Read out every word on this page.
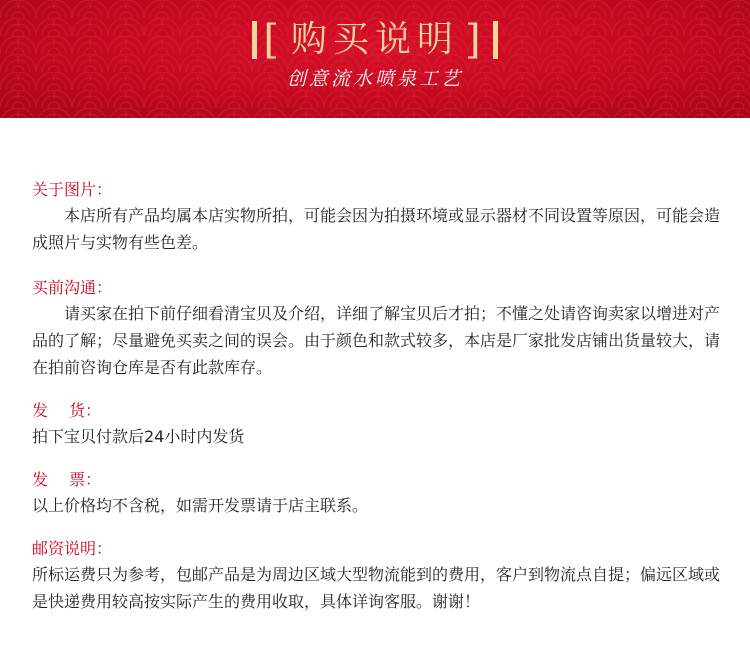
[ 购买说明 ]
创意流水喷泉工艺
关于图片：
　　本店所有产品均属本店实物所拍，可能会因为拍摄环境或显示器材不同设置等原因，可能会造成照片与实物有些色差。
买前沟通：
　　请买家在拍下前仔细看清宝贝及介绍，详细了解宝贝后才拍；不懂之处请咨询卖家以增进对产品的了解；尽量避免买卖之间的误会。由于颜色和款式较多，本店是厂家批发店铺出货量较大，请在拍前咨询仓库是否有此款库存。
发　 货：
拍下宝贝付款后24小时内发货
发　 票：
以上价格均不含税，如需开发票请于店主联系。
邮资说明：
所标运费只为参考，包邮产品是为周边区域大型物流能到的费用，客户到物流点自提；偏远区域或是快递费用较高按实际产生的费用收取，具体详询客服。谢谢！
